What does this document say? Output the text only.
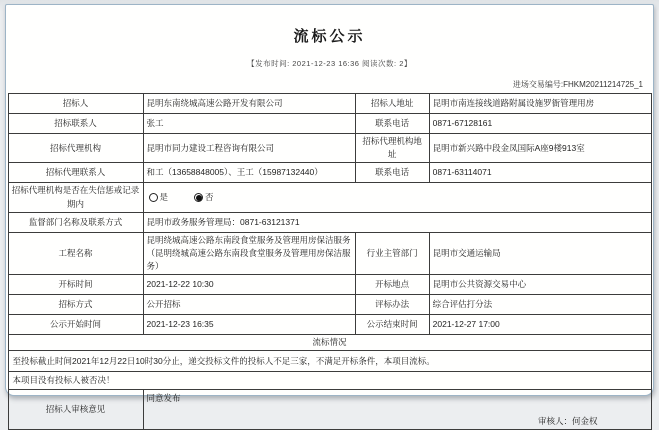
流标公示
【发布时间: 2021-12-23 16:36 阅读次数: 2】
进场交易编号:FHKM20211214725_1
招标人	昆明东南绕城高速公路开发有限公司	招标人地址	昆明市南连接线道路附属设施罗衙管理用房
招标联系人	张工	联系电话	0871-67128161
招标代理机构	昆明市同力建设工程咨询有限公司	招标代理机构地址	昆明市新兴路中段金凤国际A座9楼913室
招标代理联系人	和工（13658848005）、王工（15987132440）	联系电话	0871-63114071
招标代理机构是否在失信惩戒记录期内	是 否		

监督部门名称及联系方式	昆明市政务服务管理局：0871-63121371		
工程名称	昆明绕城高速公路东南段食堂服务及管理用房保洁服务（昆明绕城高速公路东南段食堂服务及管理用房保洁服务）	行业主管部门	昆明市交通运输局
开标时间	2021-12-22 10:30	开标地点	昆明市公共资源交易中心
招标方式	公开招标	评标办法	综合评估打分法
公示开始时间	2021-12-23 16:35	公示结束时间	2021-12-27 17:00
流标情况			
至投标截止时间2021年12月22日10时30分止，递交投标文件的投标人不足三家，不满足开标条件，本项目流标。			
本项目没有投标人被否决！			
招标人审核意见	同意发布
审核人：何金权		
